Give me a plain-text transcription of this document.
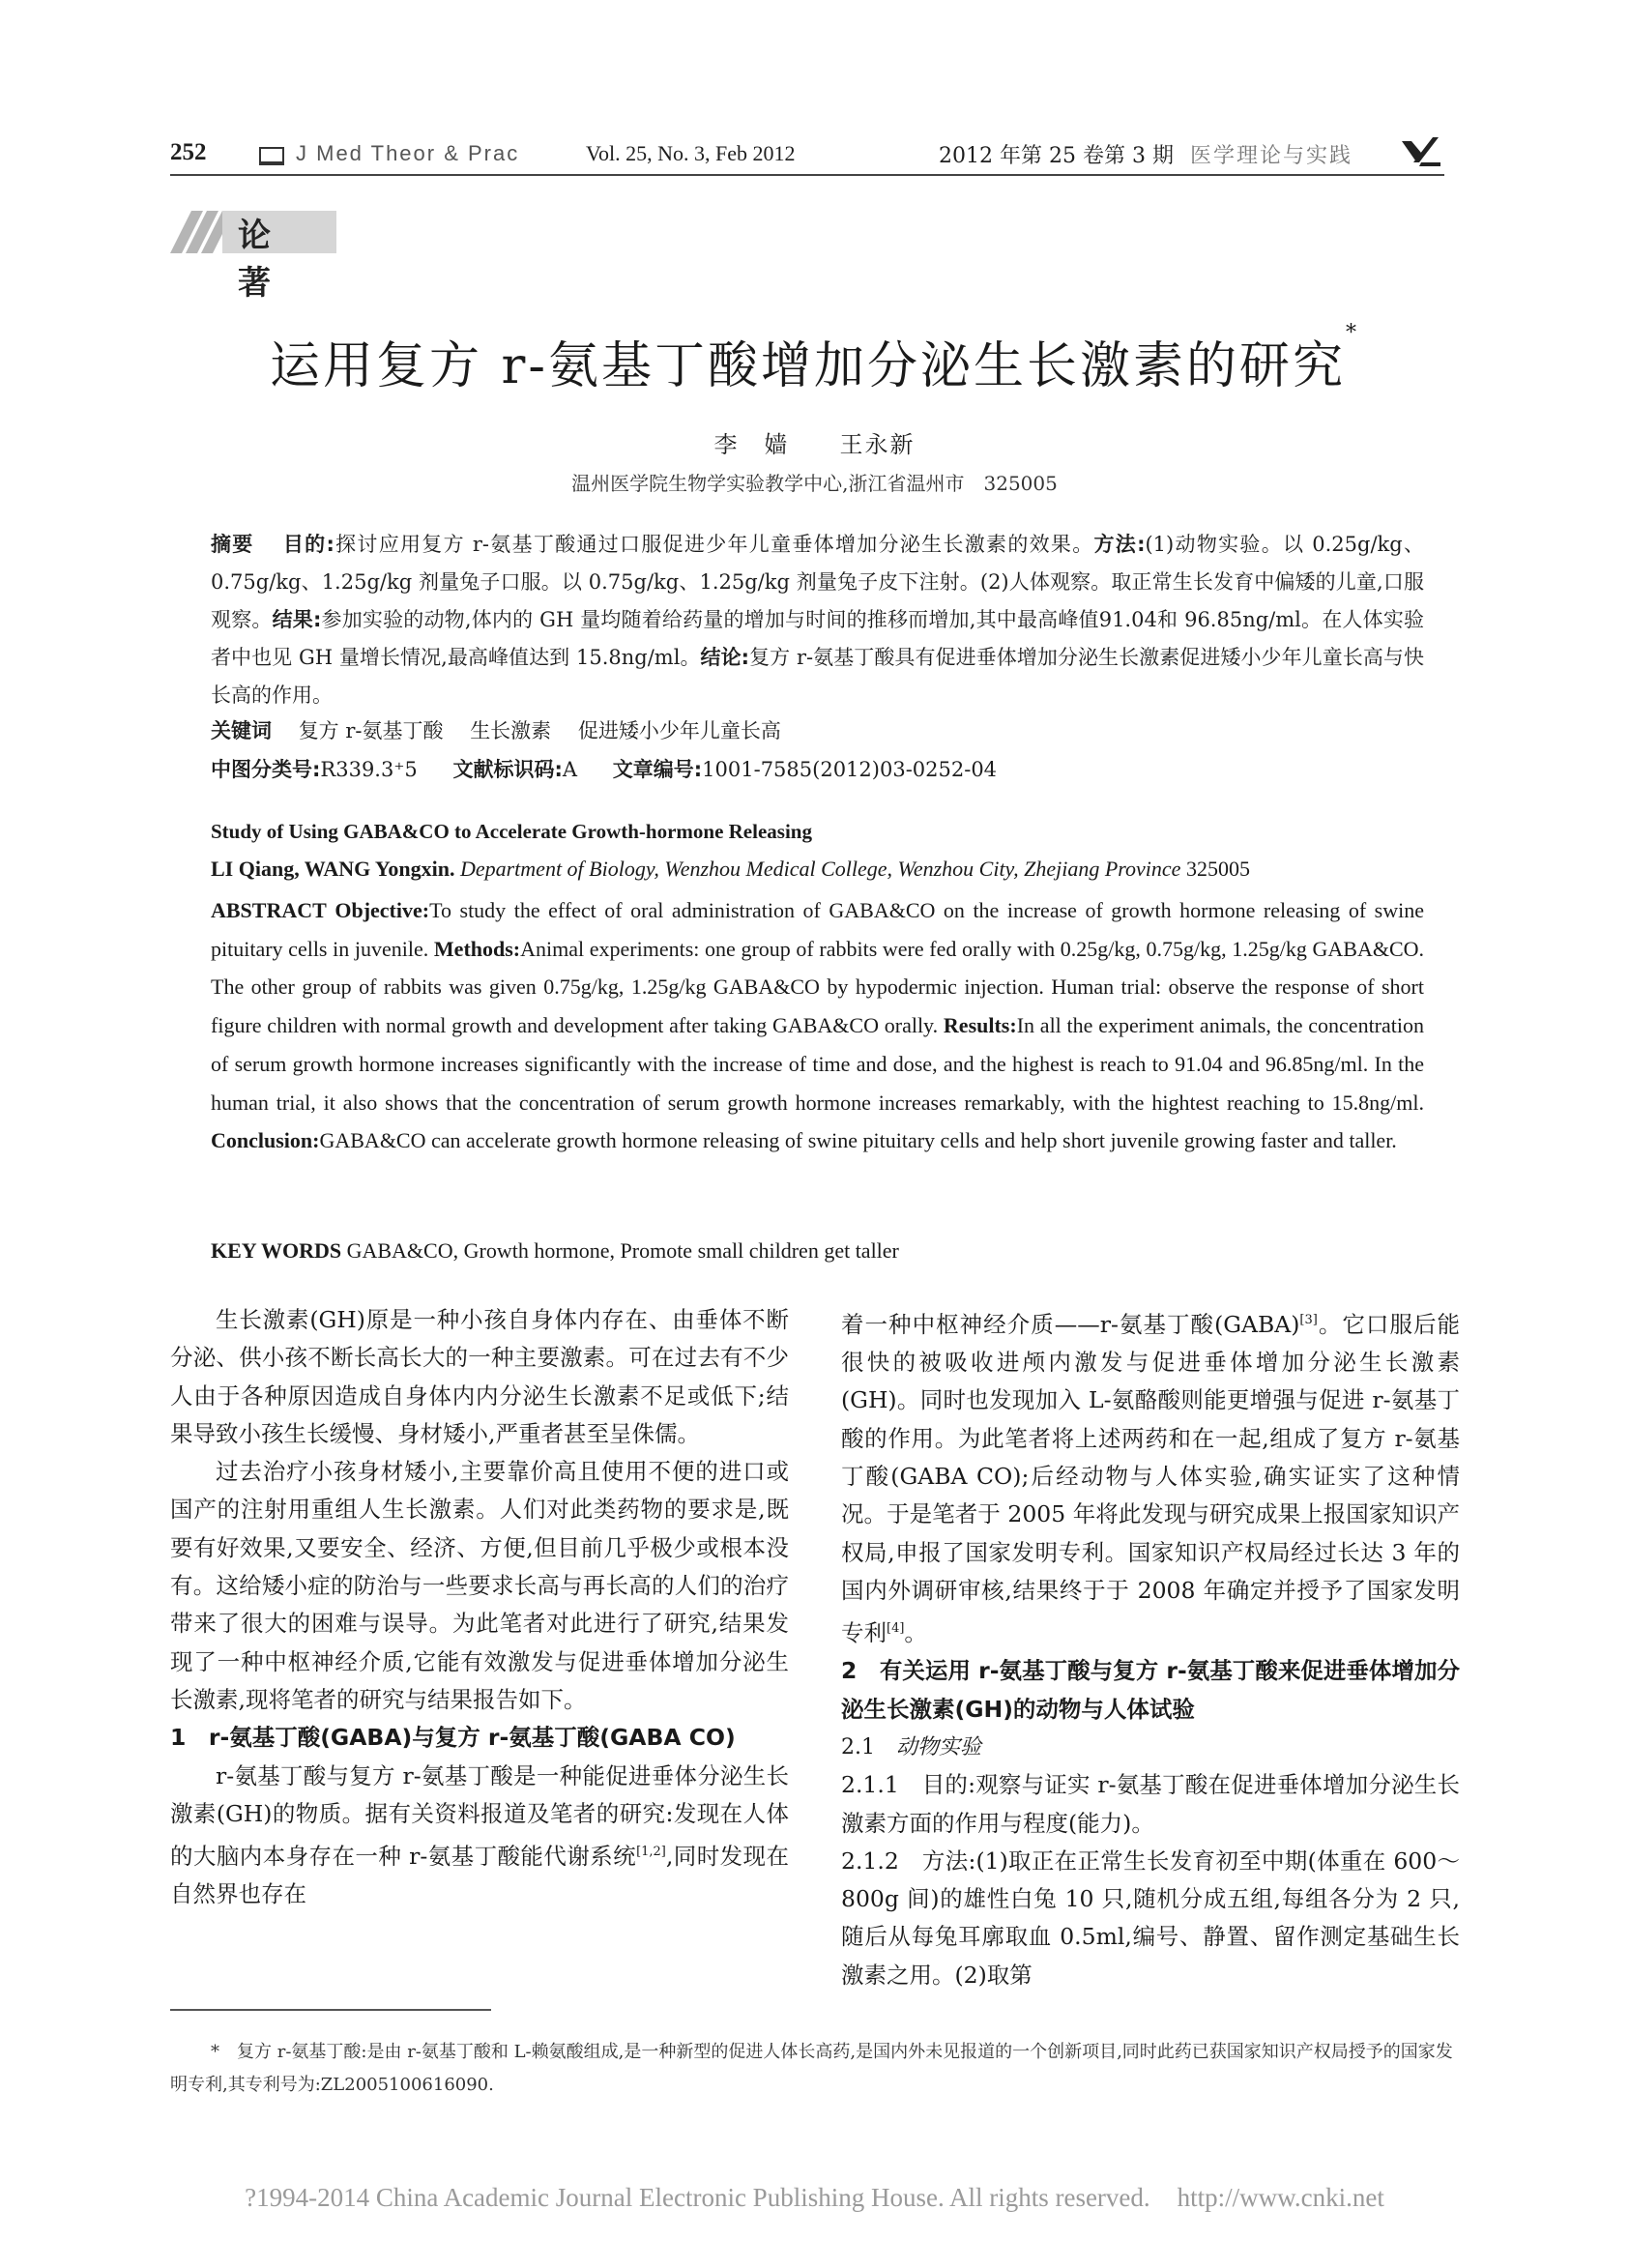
252	J Med Theor & Prac	Vol. 25, No. 3, Feb 2012	2012 年第 25 卷第 3 期 医学理论与实践
论 著
运用复方 r-氨基丁酸增加分泌生长激素的研究*
李　嫱 王永新
温州医学院生物学实验教学中心,浙江省温州市　325005
摘要　 目的:探讨应用复方 r-氨基丁酸通过口服促进少年儿童垂体增加分泌生长激素的效果。方法:(1)动物实验。以 0.25g/kg、0.75g/kg、1.25g/kg 剂量兔子口服。以 0.75g/kg、1.25g/kg 剂量兔子皮下注射。(2)人体观察。取正常生长发育中偏矮的儿童,口服观察。结果:参加实验的动物,体内的 GH 量均随着给药量的增加与时间的推移而增加,其中最高峰值91.04和 96.85ng/ml。在人体实验者中也见 GH 量增长情况,最高峰值达到 15.8ng/ml。结论:复方 r-氨基丁酸具有促进垂体增加分泌生长激素促进矮小少年儿童长高与快长高的作用。
关键词　 复方 r-氨基丁酸　 生长激素　 促进矮小少年儿童长高
中图分类号:R339.3⁺5 文献标识码:A 文章编号:1001-7585(2012)03-0252-04
Study of Using GABA&CO to Accelerate Growth-hormone Releasing
LI Qiang, WANG Yongxin. Department of Biology, Wenzhou Medical College, Wenzhou City, Zhejiang Province 325005
ABSTRACT Objective:To study the effect of oral administration of GABA&CO on the increase of growth hormone releasing of swine pituitary cells in juvenile. Methods:Animal experiments: one group of rabbits were fed orally with 0.25g/kg, 0.75g/kg, 1.25g/kg GABA&CO. The other group of rabbits was given 0.75g/kg, 1.25g/kg GABA&CO by hypodermic injection. Human trial: observe the response of short figure children with normal growth and development after taking GABA&CO orally. Results:In all the experiment animals, the concentration of serum growth hormone increases significantly with the increase of time and dose, and the highest is reach to 91.04 and 96.85ng/ml. In the human trial, it also shows that the concentration of serum growth hormone increases remarkably, with the hightest reaching to 15.8ng/ml. Conclusion:GABA&CO can accelerate growth hormone releasing of swine pituitary cells and help short juvenile growing faster and taller.
KEY WORDS GABA&CO, Growth hormone, Promote small children get taller

生长激素(GH)原是一种小孩自身体内存在、由垂体不断分泌、供小孩不断长高长大的一种主要激素。可在过去有不少人由于各种原因造成自身体内内分泌生长激素不足或低下;结果导致小孩生长缓慢、身材矮小,严重者甚至呈侏儒。

过去治疗小孩身材矮小,主要靠价高且使用不便的进口或国产的注射用重组人生长激素。人们对此类药物的要求是,既要有好效果,又要安全、经济、方便,但目前几乎极少或根本没有。这给矮小症的防治与一些要求长高与再长高的人们的治疗带来了很大的困难与误导。为此笔者对此进行了研究,结果发现了一种中枢神经介质,它能有效激发与促进垂体增加分泌生长激素,现将笔者的研究与结果报告如下。

1　r-氨基丁酸(GABA)与复方 r-氨基丁酸(GABA CO)

r-氨基丁酸与复方 r-氨基丁酸是一种能促进垂体分泌生长激素(GH)的物质。据有关资料报道及笔者的研究:发现在人体的大脑内本身存在一种 r-氨基丁酸能代谢系统[1,2],同时发现在自然界也存在

着一种中枢神经介质——r-氨基丁酸(GABA)[3]。它口服后能很快的被吸收进颅内激发与促进垂体增加分泌生长激素(GH)。同时也发现加入 L-氨酪酸则能更增强与促进 r-氨基丁酸的作用。为此笔者将上述两药和在一起,组成了复方 r-氨基丁酸(GABA CO);后经动物与人体实验,确实证实了这种情况。于是笔者于 2005 年将此发现与研究成果上报国家知识产权局,申报了国家发明专利。国家知识产权局经过长达 3 年的国内外调研审核,结果终于于 2008 年确定并授予了国家发明专利[4]。

2　有关运用 r-氨基丁酸与复方 r-氨基丁酸来促进垂体增加分泌生长激素(GH)的动物与人体试验
2.1　 动物实验

2.1.1　目的:观察与证实 r-氨基丁酸在促进垂体增加分泌生长激素方面的作用与程度(能力)。

2.1.2　方法:(1)取正在正常生长发育初至中期(体重在 600～800g 间)的雄性白兔 10 只,随机分成五组,每组各分为 2 只,随后从每兔耳廓取血 0.5ml,编号、静置、留作测定基础生长激素之用。(2)取第

* 复方 r-氨基丁酸:是由 r-氨基丁酸和 L-赖氨酸组成,是一种新型的促进人体长高药,是国内外未见报道的一个创新项目,同时此药已获国家知识产权局授予的国家发明专利,其专利号为:ZL2005100616090.
?1994-2014 China Academic Journal Electronic Publishing House. All rights reserved. http://www.cnki.net
